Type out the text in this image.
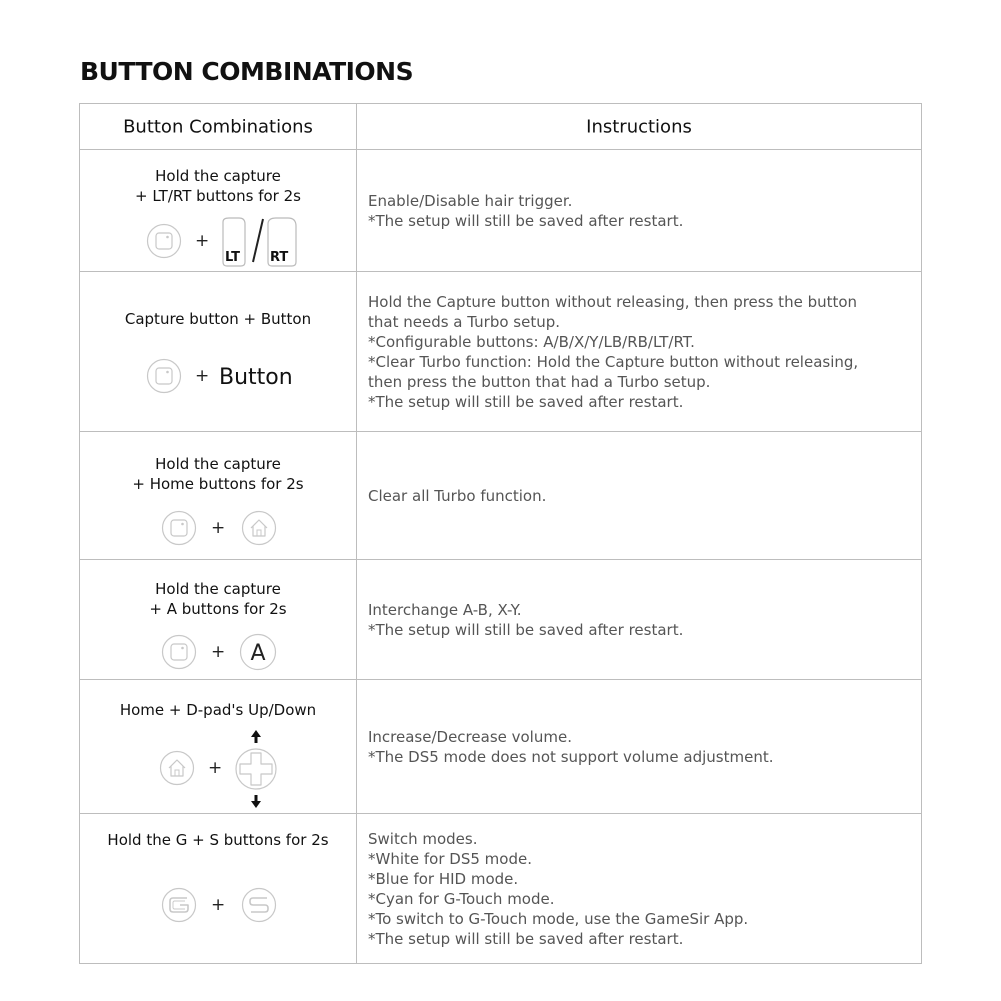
BUTTON COMBINATIONS
Button Combinations	Instructions
Hold the capture
+ LT/RT buttons for 2s
+
LT RT
Enable/Disable hair trigger.
*The setup will still be saved after restart.
Capture button + Button
+ Button
Hold the Capture button without releasing, then press the button
that needs a Turbo setup.
*Configurable buttons: A/B/X/Y/LB/RB/LT/RT.
*Clear Turbo function: Hold the Capture button without releasing,
then press the button that had a Turbo setup.
*The setup will still be saved after restart.
Hold the capture
+ Home buttons for 2s
+
Clear all Turbo function.
Hold the capture
+ A buttons for 2s
+ A
Interchange A-B, X-Y.
*The setup will still be saved after restart.
Home + D-pad's Up/Down
+
Increase/Decrease volume.
*The DS5 mode does not support volume adjustment.
Hold the G + S buttons for 2s
+
Switch modes.
*White for DS5 mode.
*Blue for HID mode.
*Cyan for G-Touch mode.
*To switch to G-Touch mode, use the GameSir App.
*The setup will still be saved after restart.
